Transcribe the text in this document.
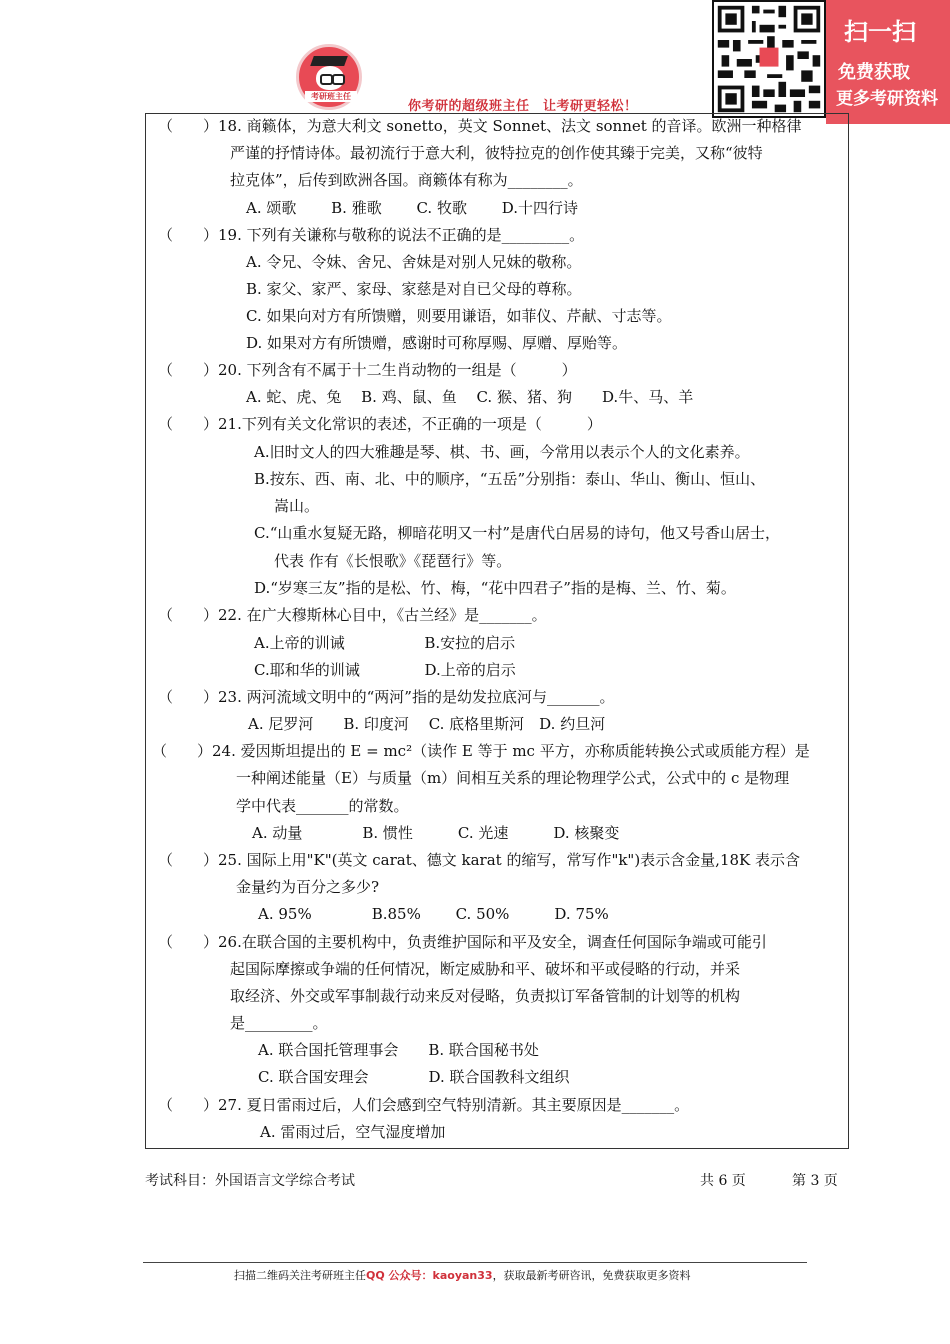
考研班主任
你考研的超级班主任　让考研更轻松！
扫一扫
免费获取
更多考研资料
（　　）18. 商籁体，为意大利文 sonetto，英文 Sonnet、法文 sonnet 的音译。欧洲一种格律
严谨的抒情诗体。最初流行于意大利，彼特拉克的创作使其臻于完美，又称“彼特
拉克体”，后传到欧洲各国。商籁体有称为________。
A. 颂歌　　 B. 雅歌　　 C. 牧歌　　 D.十四行诗
（　　）19. 下列有关谦称与敬称的说法不正确的是_________。
A. 令兄、令妹、舍兄、舍妹是对别人兄妹的敬称。
B. 家父、家严、家母、家慈是对自已父母的尊称。
C. 如果向对方有所馈赠，则要用谦语，如菲仪、芹献、寸志等。
D. 如果对方有所馈赠，感谢时可称厚赐、厚赠、厚贻等。
（　　）20. 下列含有不属于十二生肖动物的一组是（　　　）
A. 蛇、虎、兔　 B. 鸡、鼠、鱼　 C. 猴、猪、狗　　D.牛、马、羊
（　　）21.下列有关文化常识的表述，不正确的一项是（　　　）
A.旧时文人的四大雅趣是琴、棋、书、画，今常用以表示个人的文化素养。
B.按东、西、南、北、中的顺序，“五岳”分别指：泰山、华山、衡山、恒山、
嵩山。
C.“山重水复疑无路，柳暗花明又一村”是唐代白居易的诗句，他又号香山居士，
代表 作有《长恨歌》《琵琶行》等。
D.“岁寒三友”指的是松、竹、梅，“花中四君子”指的是梅、兰、竹、菊。
（　　）22. 在广大穆斯林心目中，《古兰经》是_______。
A.上帝的训诫　　　　　 B.安拉的启示
C.耶和华的训诫　　　　 D.上帝的启示
（　　）23. 两河流域文明中的“两河”指的是幼发拉底河与_______。
A. 尼罗河　　B. 印度河　 C. 底格里斯河　D. 约旦河
（　　）24. 爱因斯坦提出的 E = mc²（读作 E 等于 mc 平方，亦称质能转换公式或质能方程）是
一种阐述能量（E）与质量（m）间相互关系的理论物理学公式，公式中的 c 是物理
学中代表_______的常数。
A. 动量　　　　B. 惯性　　　C. 光速　　　D. 核聚变
（　　）25. 国际上用"K"(英文 carat、德文 karat 的缩写，常写作"k")表示含金量,18K 表示含
金量约为百分之多少?
A. 95%　　　　B.85%　　 C. 50%　　　D. 75%
（　　）26.在联合国的主要机构中，负责维护国际和平及安全，调查任何国际争端或可能引
起国际摩擦或争端的任何情况，断定威胁和平、破坏和平或侵略的行动，并采
取经济、外交或军事制裁行动来反对侵略，负责拟订军备管制的计划等的机构
是_________。
A. 联合国托管理事会　　B. 联合国秘书处
C. 联合国安理会　　　　D. 联合国教科文组织
（　　）27. 夏日雷雨过后，人们会感到空气特别清新。其主要原因是_______。
A. 雷雨过后，空气湿度增加
考试科目：外国语言文学综合考试	共 6 页	第 3 页
扫描二维码关注考研班主任QQ 公众号：kaoyan33，获取最新考研咨讯，免费获取更多资料
